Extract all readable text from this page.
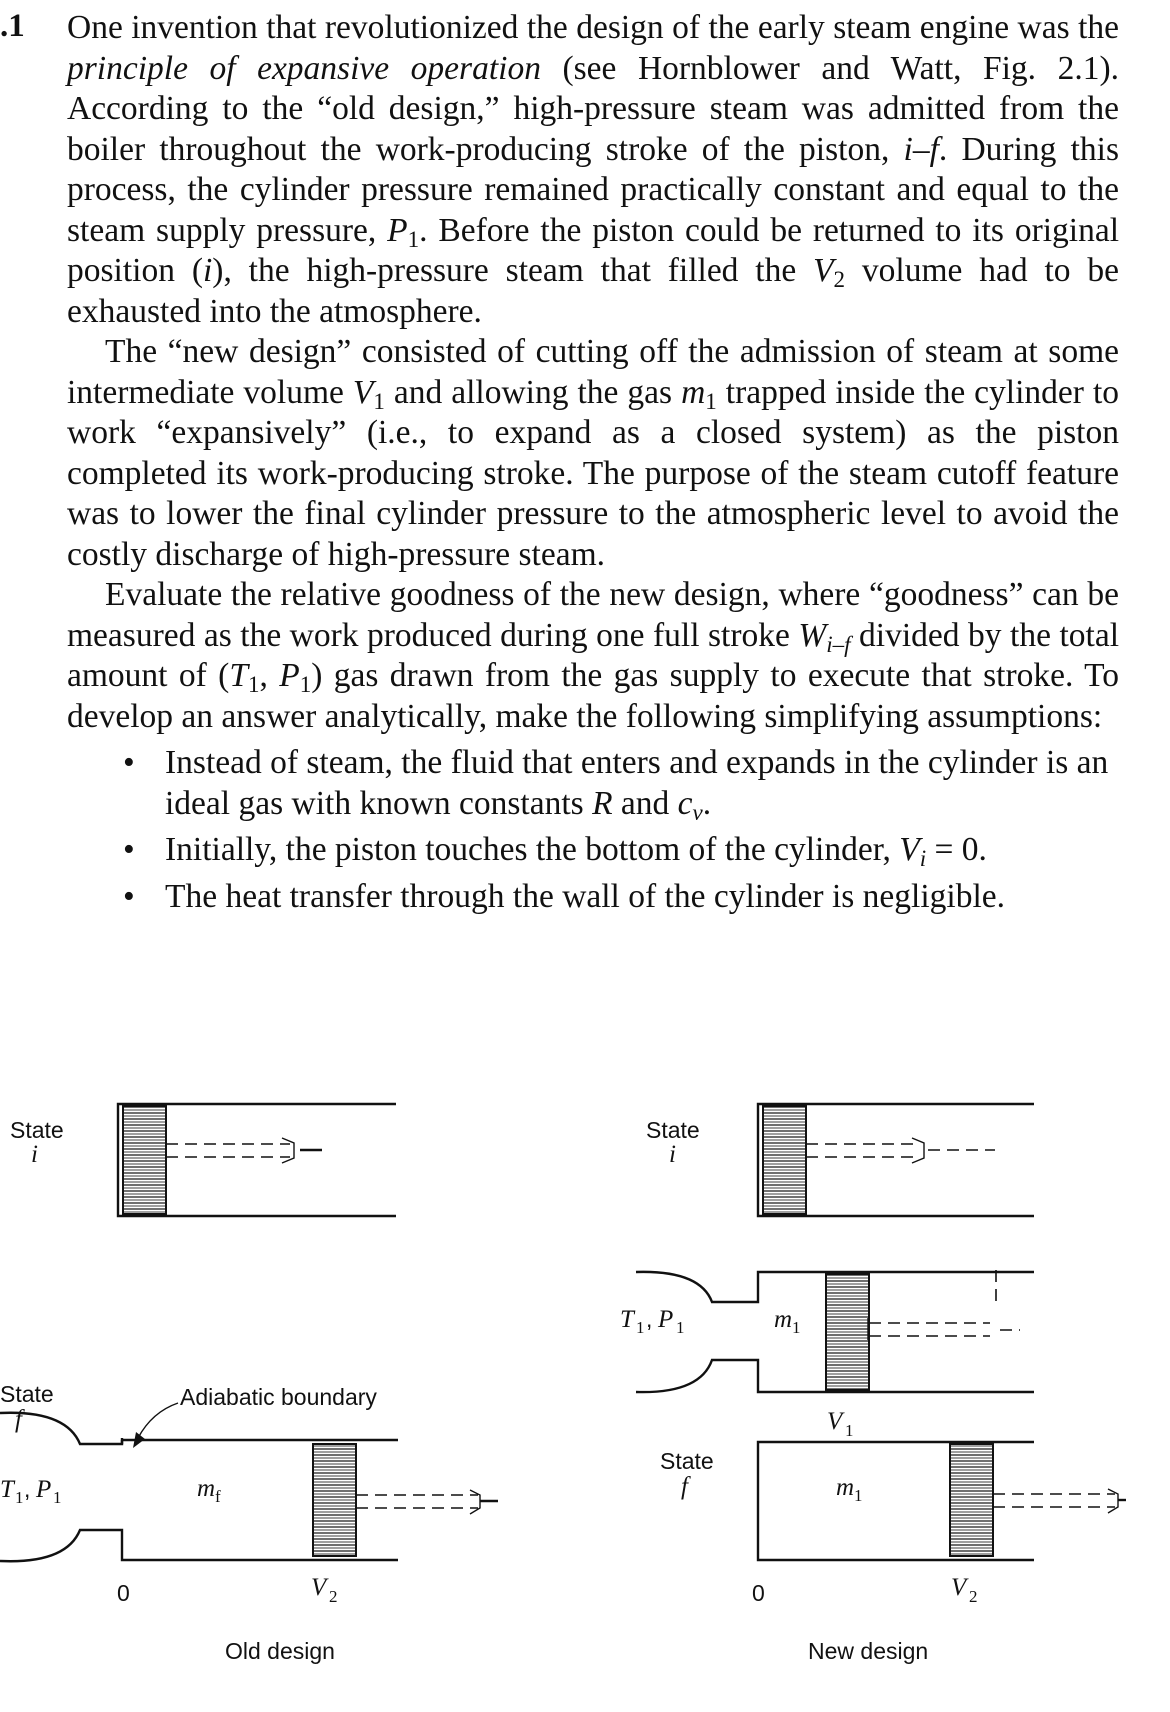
.1 One invention that revolutionized the design of the early steam engine was the principle of expansive operation (see Hornblower and Watt, Fig. 2.1). According to the “old design,” high-pressure steam was admitted from the boiler throughout the work-producing stroke of the piston, i–f. During this process, the cylinder pressure remained practically constant and equal to the steam supply pressure, $P_1$. Before the piston could be returned to its original position (i), the high-pressure steam that filled the $V_2$ volume had to be exhausted into the atmosphere.

The “new design” consisted of cutting off the admission of steam at some intermediate volume $V_1$ and allowing the gas $m_1$ trapped inside the cylinder to work “expansively” (i.e., to expand as a closed system) as the piston completed its work-producing stroke. The purpose of the steam cutoff feature was to lower the final cylinder pressure to the atmospheric level to avoid the costly discharge of high-pressure steam.

Evaluate the relative goodness of the new design, where “goodness” can be measured as the work produced during one full stroke $W_{i-f}$ divided by the total amount of ($T_1$, $P_1$) gas drawn from the gas supply to execute that stroke. To develop an answer analytically, make the following simplifying assumptions:

• Instead of steam, the fluid that enters and expands in the cylinder is an ideal gas with known constants R and $c_v$.
• Initially, the piston touches the bottom of the cylinder, $V_i = 0$.
• The heat transfer through the wall of the cylinder is negligible.
State
i
State
f
Adiabatic boundary
T 1 , P 1	m f
0	V 2
Old design
State
i
T 1 , P 1	m 1
V 1
State
f	m 1
0	V 2
New design
